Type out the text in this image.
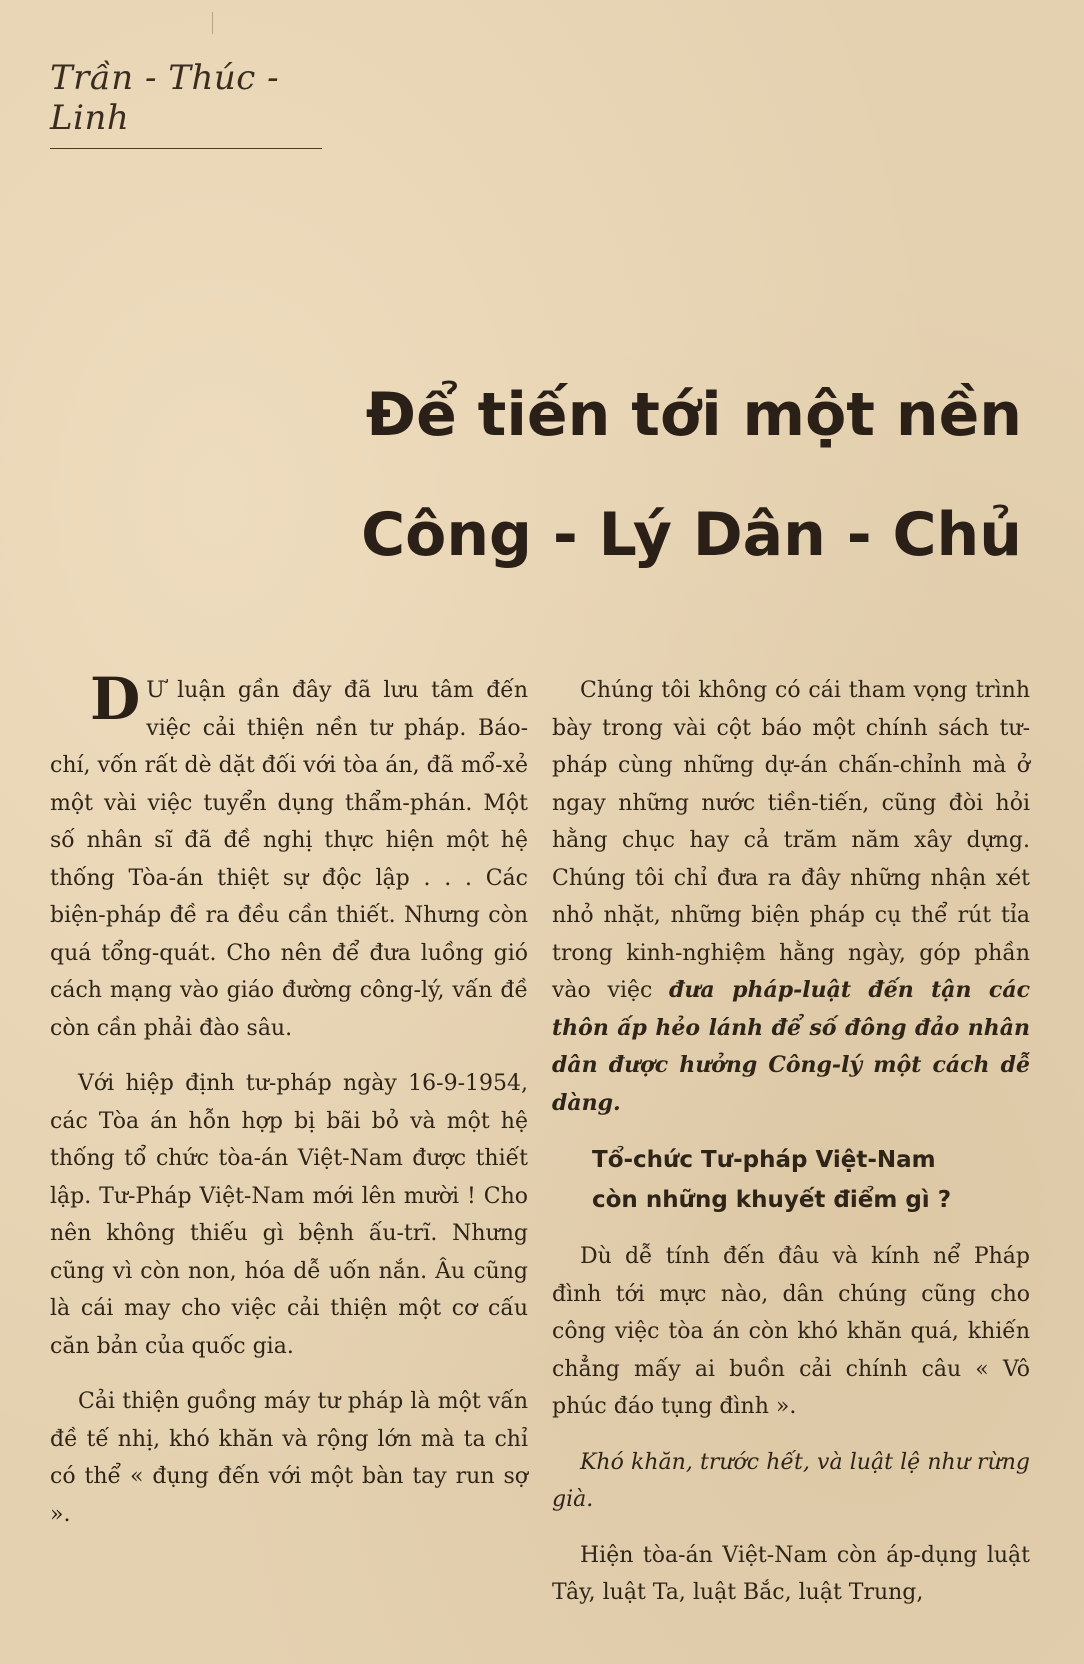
Trần - Thúc - Linh

Để tiến tới một nền

Công - Lý Dân - Chủ

D Ư luận gần đây đã lưu tâm đến việc cải thiện nền tư pháp. Báo-chí, vốn rất dè dặt đối với tòa án, đã mổ-xẻ một vài việc tuyển dụng thẩm-phán. Một số nhân sĩ đã đề nghị thực hiện một hệ thống Tòa-án thiệt sự độc lập . . . Các biện-pháp đề ra đều cần thiết. Nhưng còn quá tổng-quát. Cho nên để đưa luồng gió cách mạng vào giáo đường công-lý, vấn đề còn cần phải đào sâu.

Với hiệp định tư-pháp ngày 16-9-1954, các Tòa án hỗn hợp bị bãi bỏ và một hệ thống tổ chức tòa-án Việt-Nam được thiết lập. Tư-Pháp Việt-Nam mới lên mười ! Cho nên không thiếu gì bệnh ấu-trĩ. Nhưng cũng vì còn non, hóa dễ uốn nắn. Âu cũng là cái may cho việc cải thiện một cơ cấu căn bản của quốc gia.

Cải thiện guồng máy tư pháp là một vấn đề tế nhị, khó khăn và rộng lớn mà ta chỉ có thể « đụng đến với một bàn tay run sợ ».

Chúng tôi không có cái tham vọng trình bày trong vài cột báo một chính sách tư-pháp cùng những dự-án chấn-chỉnh mà ở ngay những nước tiền-tiến, cũng đòi hỏi hằng chục hay cả trăm năm xây dựng. Chúng tôi chỉ đưa ra đây những nhận xét nhỏ nhặt, những biện pháp cụ thể rút tỉa trong kinh-nghiệm hằng ngày, góp phần vào việc đưa pháp-luật đến tận các thôn ấp hẻo lánh để số đông đảo nhân dân được hưởng Công-lý một cách dễ dàng.

Tổ-chức Tư-pháp Việt-Nam
còn những khuyết điểm gì ?

Dù dễ tính đến đâu và kính nể Pháp đình tới mực nào, dân chúng cũng cho công việc tòa án còn khó khăn quá, khiến chẳng mấy ai buồn cải chính câu « Vô phúc đáo tụng đình ».

Khó khăn, trước hết, và luật lệ như rừng già.

Hiện tòa-án Việt-Nam còn áp-dụng luật Tây, luật Ta, luật Bắc, luật Trung,
